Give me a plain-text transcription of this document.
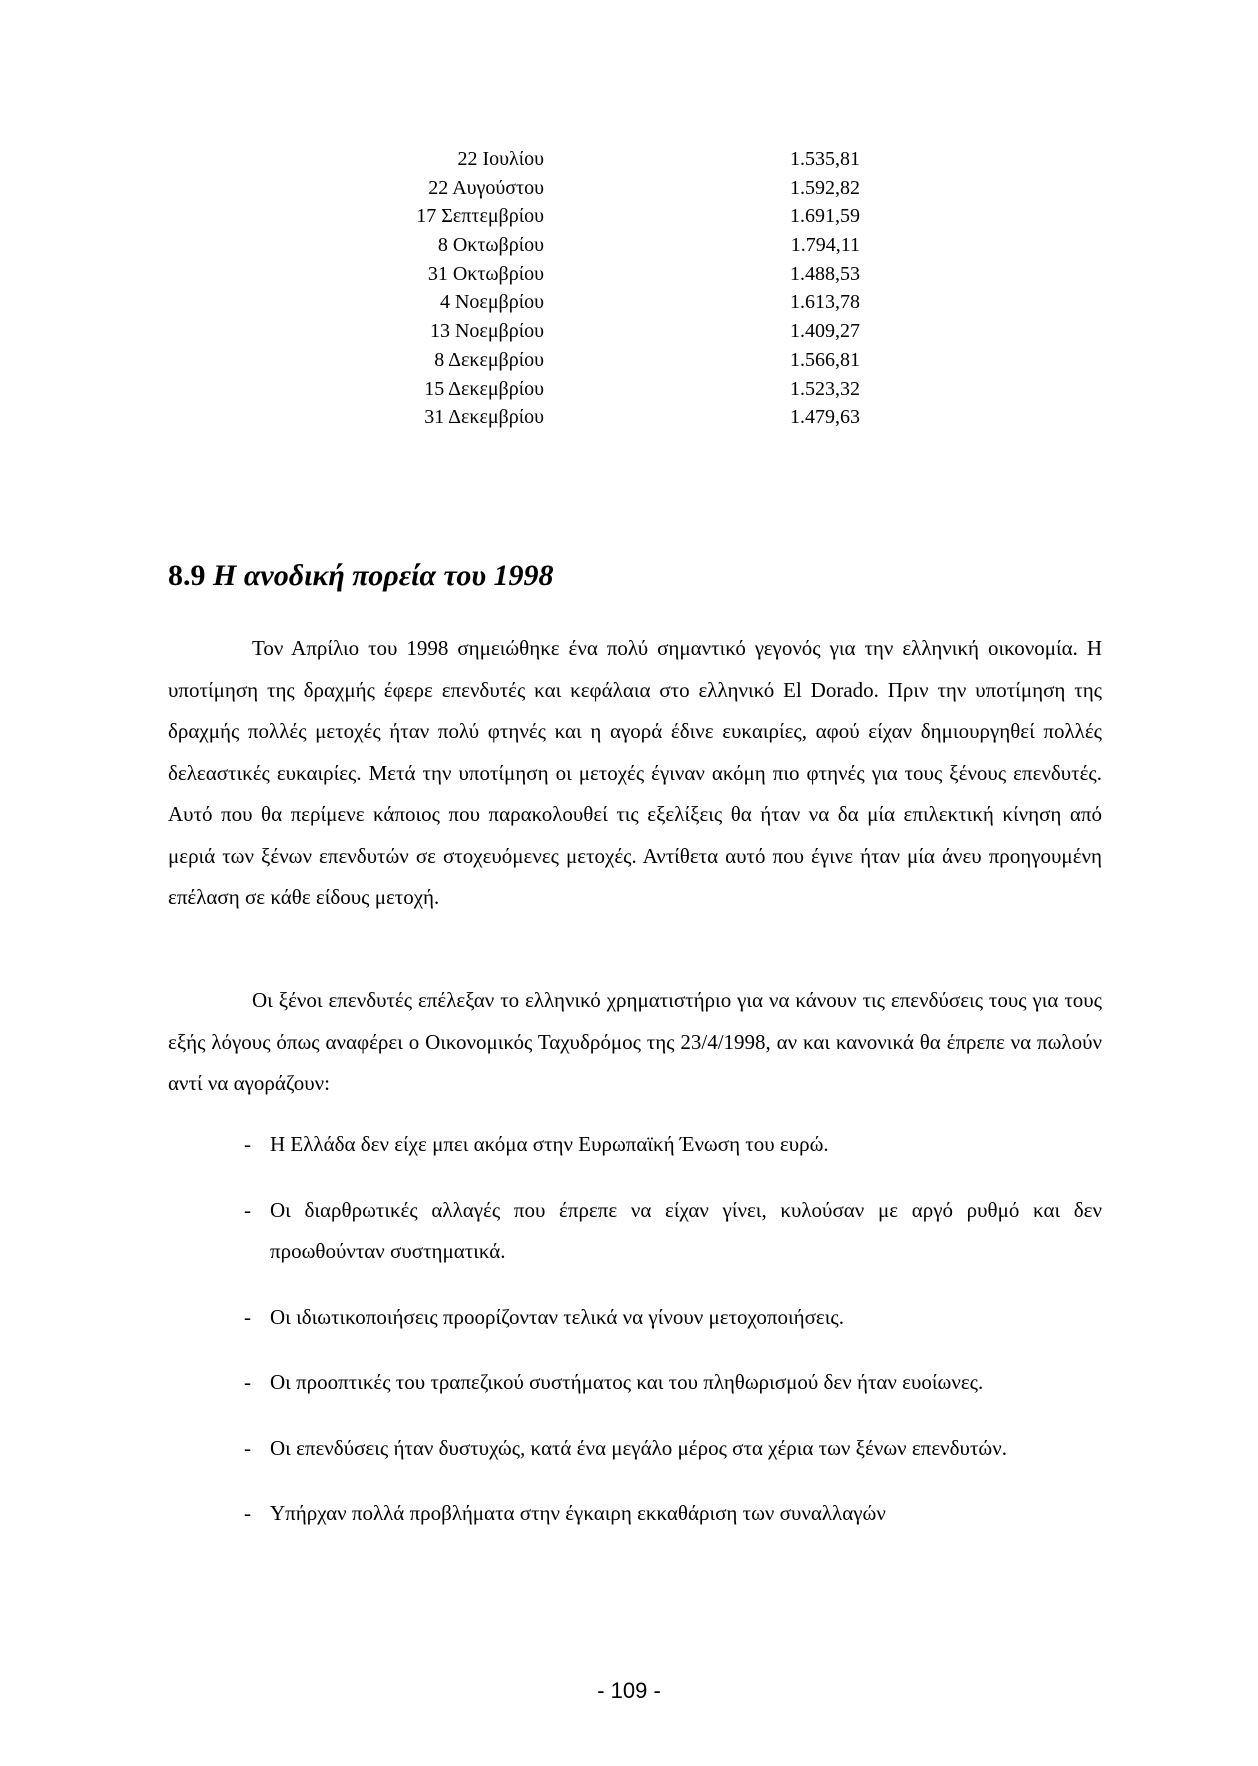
22 Ιουλίου	1.535,81
22 Αυγούστου	1.592,82
17 Σεπτεμβρίου	1.691,59
8 Οκτωβρίου	1.794,11
31 Οκτωβρίου	1.488,53
4 Νοεμβρίου	1.613,78
13 Νοεμβρίου	1.409,27
8 Δεκεμβρίου	1.566,81
15 Δεκεμβρίου	1.523,32
31 Δεκεμβρίου	1.479,63
8.9 Η ανοδική πορεία του 1998

Τον Απρίλιο του 1998 σημειώθηκε ένα πολύ σημαντικό γεγονός για την ελληνική οικονομία. Η υποτίμηση της δραχμής έφερε επενδυτές και κεφάλαια στο ελληνικό El Dorado. Πριν την υποτίμηση της δραχμής πολλές μετοχές ήταν πολύ φτηνές και η αγορά έδινε ευκαιρίες, αφού είχαν δημιουργηθεί πολλές δελεαστικές ευκαιρίες. Μετά την υποτίμηση οι μετοχές έγιναν ακόμη πιο φτηνές για τους ξένους επενδυτές. Αυτό που θα περίμενε κάποιος που παρακολουθεί τις εξελίξεις θα ήταν να δα μία επιλεκτική κίνηση από μεριά των ξένων επενδυτών σε στοχευόμενες μετοχές. Αντίθετα αυτό που έγινε ήταν μία άνευ προηγουμένη επέλαση σε κάθε είδους μετοχή.

Οι ξένοι επενδυτές επέλεξαν το ελληνικό χρηματιστήριο για να κάνουν τις επενδύσεις τους για τους εξής λόγους όπως αναφέρει ο Οικονομικός Ταχυδρόμος της 23/4/1998, αν και κανονικά θα έπρεπε να πωλούν αντί να αγοράζουν:

- Η Ελλάδα δεν είχε μπει ακόμα στην Ευρωπαϊκή Ένωση του ευρώ.
- Οι διαρθρωτικές αλλαγές που έπρεπε να είχαν γίνει, κυλούσαν με αργό ρυθμό και δεν προωθούνταν συστηματικά.
- Οι ιδιωτικοποιήσεις προορίζονταν τελικά να γίνουν μετοχοποιήσεις.
- Οι προοπτικές του τραπεζικού συστήματος και του πληθωρισμού δεν ήταν ευοίωνες.
- Οι επενδύσεις ήταν δυστυχώς, κατά ένα μεγάλο μέρος στα χέρια των ξένων επενδυτών.
- Υπήρχαν πολλά προβλήματα στην έγκαιρη εκκαθάριση των συναλλαγών
- 109 -
